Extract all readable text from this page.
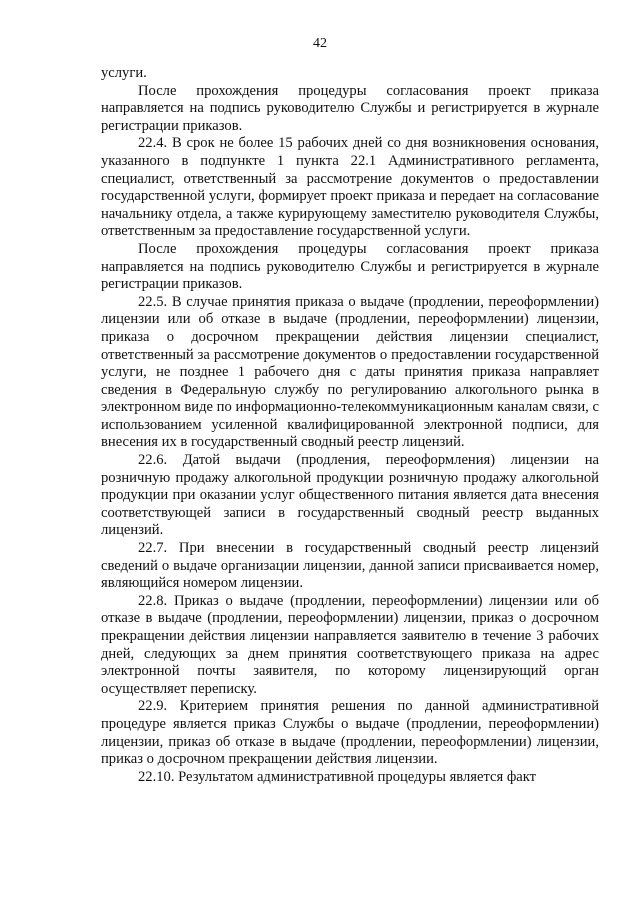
42

услуги.

После прохождения процедуры согласования проект приказа направляется на подпись руководителю Службы и регистрируется в журнале регистрации приказов.

22.4. В срок не более 15 рабочих дней со дня возникновения основания, указанного в подпункте 1 пункта 22.1 Административного регламента, специалист, ответственный за рассмотрение документов о предоставлении государственной услуги, формирует проект приказа и передает на согласование начальнику отдела, а также курирующему заместителю руководителя Службы, ответственным за предоставление государственной услуги.

После прохождения процедуры согласования проект приказа направляется на подпись руководителю Службы и регистрируется в журнале регистрации приказов.

22.5. В случае принятия приказа о выдаче (продлении, переоформлении) лицензии или об отказе в выдаче (продлении, переоформлении) лицензии, приказа о досрочном прекращении действия лицензии специалист, ответственный за рассмотрение документов о предоставлении государственной услуги, не позднее 1 рабочего дня с даты принятия приказа направляет сведения в Федеральную службу по регулированию алкогольного рынка в электронном виде по информационно-телекоммуникационным каналам связи, с использованием усиленной квалифицированной электронной подписи, для внесения их в государственный сводный реестр лицензий.

22.6. Датой выдачи (продления, переоформления) лицензии на розничную продажу алкогольной продукции розничную продажу алкогольной продукции при оказании услуг общественного питания является дата внесения соответствующей записи в государственный сводный реестр выданных лицензий.

22.7. При внесении в государственный сводный реестр лицензий сведений о выдаче организации лицензии, данной записи присваивается номер, являющийся номером лицензии.

22.8. Приказ о выдаче (продлении, переоформлении) лицензии или об отказе в выдаче (продлении, переоформлении) лицензии, приказ о досрочном прекращении действия лицензии направляется заявителю в течение 3 рабочих дней, следующих за днем принятия соответствующего приказа на адрес электронной почты заявителя, по которому лицензирующий орган осуществляет переписку.

22.9. Критерием принятия решения по данной административной процедуре является приказ Службы о выдаче (продлении, переоформлении) лицензии, приказ об отказе в выдаче (продлении, переоформлении) лицензии, приказ о досрочном прекращении действия лицензии.

22.10. Результатом административной процедуры является факт
